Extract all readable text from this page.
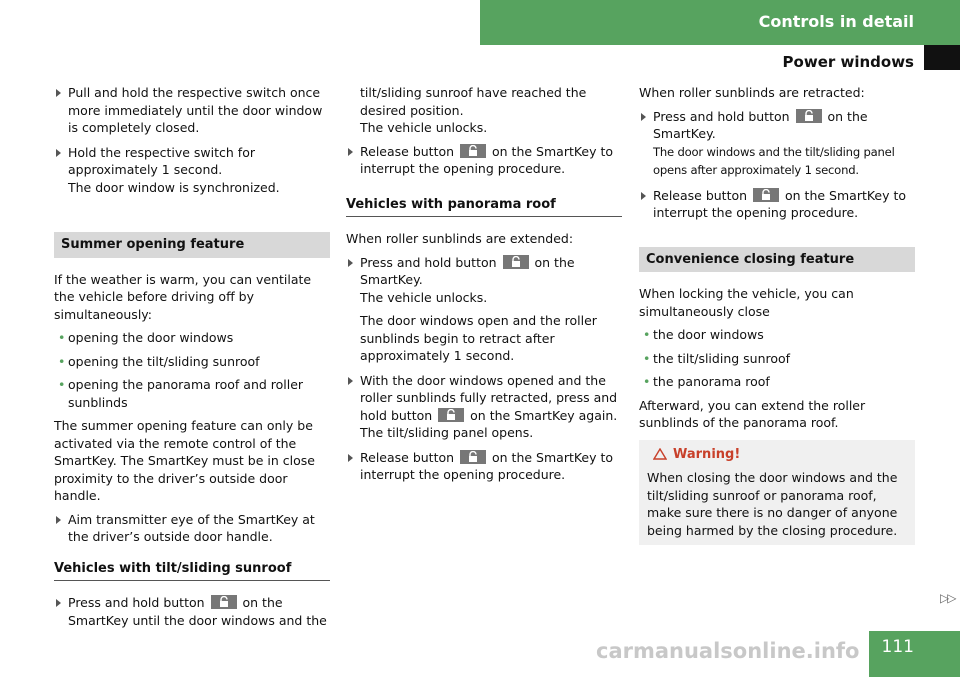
Controls in detail
Power windows
Pull and hold the respective switch once more immediately until the door window is completely closed.
Hold the respective switch for approximately 1 second.
The door window is synchronized.
Summer opening feature

If the weather is warm, you can ventilate the vehicle before driving off by simultaneously:

• opening the door windows
• opening the tilt/sliding sunroof
• opening the panorama roof and roller sunblinds

The summer opening feature can only be activated via the remote control of the SmartKey. The SmartKey must be in close proximity to the driver’s outside door handle.

Aim transmitter eye of the SmartKey at the driver’s outside door handle.
Vehicles with tilt/sliding sunroof
Press and hold button	on the SmartKey until the door windows and the

tilt/sliding sunroof have reached the desired position.
The vehicle unlocks.

Release button	on the SmartKey to interrupt the opening procedure.
Vehicles with panorama roof

When roller sunblinds are extended:

Press and hold button	on the SmartKey.
The vehicle unlocks.
The door windows open and the roller sunblinds begin to retract after approximately 1 second.
With the door windows opened and the roller sunblinds fully retracted, press and hold button	on the SmartKey again.
The tilt/sliding panel opens.
Release button	on the SmartKey to interrupt the opening procedure.

When roller sunblinds are retracted:

Press and hold button	on the SmartKey.
The door windows and the tilt/sliding panel opens after approximately 1 second.
Release button	on the SmartKey to interrupt the opening procedure.
Convenience closing feature

When locking the vehicle, you can simultaneously close

• the door windows
• the tilt/sliding sunroof
• the panorama roof

Afterward, you can extend the roller sunblinds of the panorama roof.

Warning!
When closing the door windows and the tilt/sliding sunroof or panorama roof, make sure there is no danger of anyone being harmed by the closing procedure.
▷▷
carmanualsonline.info 111
